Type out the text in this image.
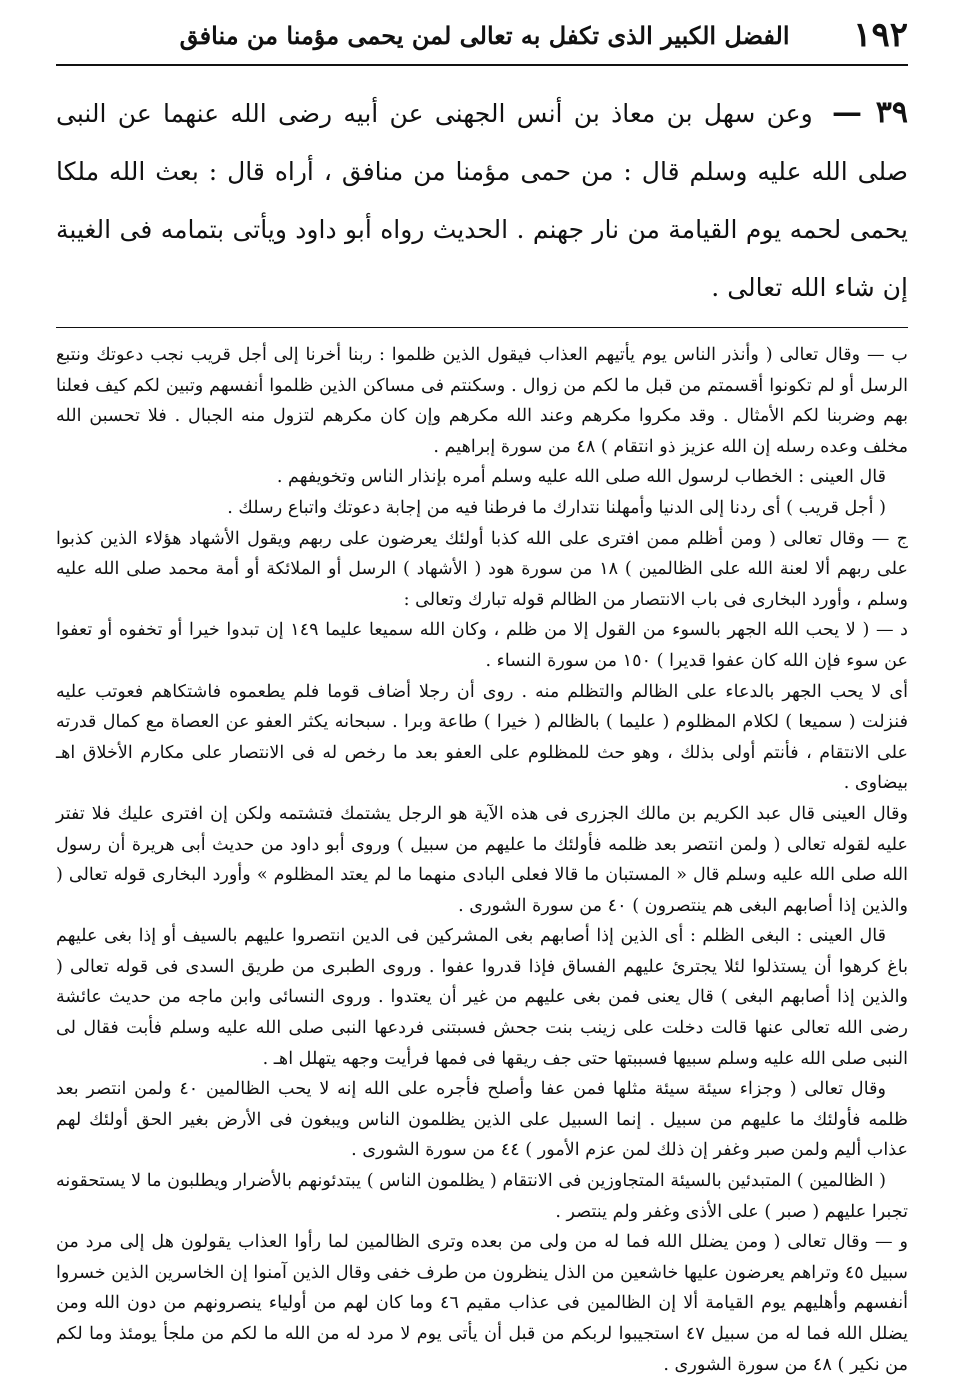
١٩٢
الفضل الكبير الذى تكفل به تعالى لمن يحمى مؤمنا من منافق
٣٩ — وعن سهل بن معاذ بن أنس الجهنى عن أبيه رضى الله عنهما عن النبى صلى الله عليه وسلم قال : من حمى مؤمنا من منافق ، أراه قال : بعث الله ملكا يحمى لحمه يوم القيامة من نار جهنم . الحديث رواه أبو داود ويأتى بتمامه فى الغيبة إن شاء الله تعالى .

ب — وقال تعالى ( وأنذر الناس يوم يأتيهم العذاب فيقول الذين ظلموا : ربنا أخرنا إلى أجل قريب نجب دعوتك ونتبع الرسل أو لم تكونوا أقسمتم من قبل ما لكم من زوال . وسكنتم فى مساكن الذين ظلموا أنفسهم وتبين لكم كيف فعلنا بهم وضربنا لكم الأمثال . وقد مكروا مكرهم وعند الله مكرهم وإن كان مكرهم لتزول منه الجبال . فلا تحسبن الله مخلف وعده رسله إن الله عزيز ذو انتقام ) ٤٨ من سورة إبراهيم .

قال العينى : الخطاب لرسول الله صلى الله عليه وسلم أمره بإنذار الناس وتخويفهم .

( أجل قريب ) أى ردنا إلى الدنيا وأمهلنا نتدارك ما فرطنا فيه من إجابة دعوتك واتباع رسلك .

ج — وقال تعالى ( ومن أظلم ممن افترى على الله كذبا أولئك يعرضون على ربهم ويقول الأشهاد هؤلاء الذين كذبوا على ربهم ألا لعنة الله على الظالمين ) ١٨ من سورة هود ( الأشهاد ) الرسل أو الملائكة أو أمة محمد صلى الله عليه وسلم ، وأورد البخارى فى باب الانتصار من الظالم قوله تبارك وتعالى :

د — ( لا يحب الله الجهر بالسوء من القول إلا من ظلم ، وكان الله سميعا عليما ١٤٩ إن تبدوا خيرا أو تخفوه أو تعفوا عن سوء فإن الله كان عفوا قديرا ) ١٥٠ من سورة النساء .

أى لا يحب الجهر بالدعاء على الظالم والتظلم منه . روى أن رجلا أضاف قوما فلم يطعموه فاشتكاهم فعوتب عليه فنزلت ( سميعا ) لكلام المظلوم ( عليما ) بالظالم ( خيرا ) طاعة وبرا . سبحانه يكثر العفو عن العصاة مع كمال قدرته على الانتقام ، فأنتم أولى بذلك ، وهو حث للمظلوم على العفو بعد ما رخص له فى الانتصار على مكارم الأخلاق اهـ بيضاوى .

وقال العينى قال عبد الكريم بن مالك الجزرى فى هذه الآية هو الرجل يشتمك فتشتمه ولكن إن افترى عليك فلا تفتر عليه لقوله تعالى ( ولمن انتصر بعد ظلمه فأولئك ما عليهم من سبيل ) وروى أبو داود من حديث أبى هريرة أن رسول الله صلى الله عليه وسلم قال « المستبان ما قالا فعلى البادى منهما ما لم يعتد المظلوم » وأورد البخارى قوله تعالى ( والذين إذا أصابهم البغى هم ينتصرون ) ٤٠ من سورة الشورى .

قال العينى : البغى الظلم : أى الذين إذا أصابهم بغى المشركين فى الدين انتصروا عليهم بالسيف أو إذا بغى عليهم باغ كرهوا أن يستذلوا لئلا يجترئ عليهم الفساق فإذا قدروا عفوا . وروى الطبرى من طريق السدى فى قوله تعالى ( والذين إذا أصابهم البغى ) قال يعنى فمن بغى عليهم من غير أن يعتدوا . وروى النسائى وابن ماجه من حديث عائشة رضى الله تعالى عنها قالت دخلت على زينب بنت جحش فسبتنى فردعها النبى صلى الله عليه وسلم فأبت فقال لى النبى صلى الله عليه وسلم سبيها فسببتها حتى جف ريقها فى فمها فرأيت وجهه يتهلل اهـ .

وقال تعالى ( وجزاء سيئة سيئة مثلها فمن عفا وأصلح فأجره على الله إنه لا يحب الظالمين ٤٠ ولمن انتصر بعد ظلمه فأولئك ما عليهم من سبيل . إنما السبيل على الذين يظلمون الناس ويبغون فى الأرض بغير الحق أولئك لهم عذاب أليم ولمن صبر وغفر إن ذلك لمن عزم الأمور ) ٤٤ من سورة الشورى .

( الظالمين ) المتبدئين بالسيئة المتجاوزين فى الانتقام ( يظلمون الناس ) يبتدئونهم بالأضرار ويطلبون ما لا يستحقونه تجبرا عليهم ( صبر ) على الأذى وغفر ولم ينتصر .

و — وقال تعالى ( ومن يضلل الله فما له من ولى من بعده وترى الظالمين لما رأوا العذاب يقولون هل إلى مرد من سبيل ٤٥ وتراهم يعرضون عليها خاشعين من الذل ينظرون من طرف خفى وقال الذين آمنوا إن الخاسرين الذين خسروا أنفسهم وأهليهم يوم القيامة ألا إن الظالمين فى عذاب مقيم ٤٦ وما كان لهم من أولياء ينصرونهم من دون الله ومن يضلل الله فما له من سبيل ٤٧ استجيبوا لربكم من قبل أن يأتى يوم لا مرد له من الله ما لكم من ملجأ يومئذ وما لكم من نكير ) ٤٨ من سورة الشورى .
